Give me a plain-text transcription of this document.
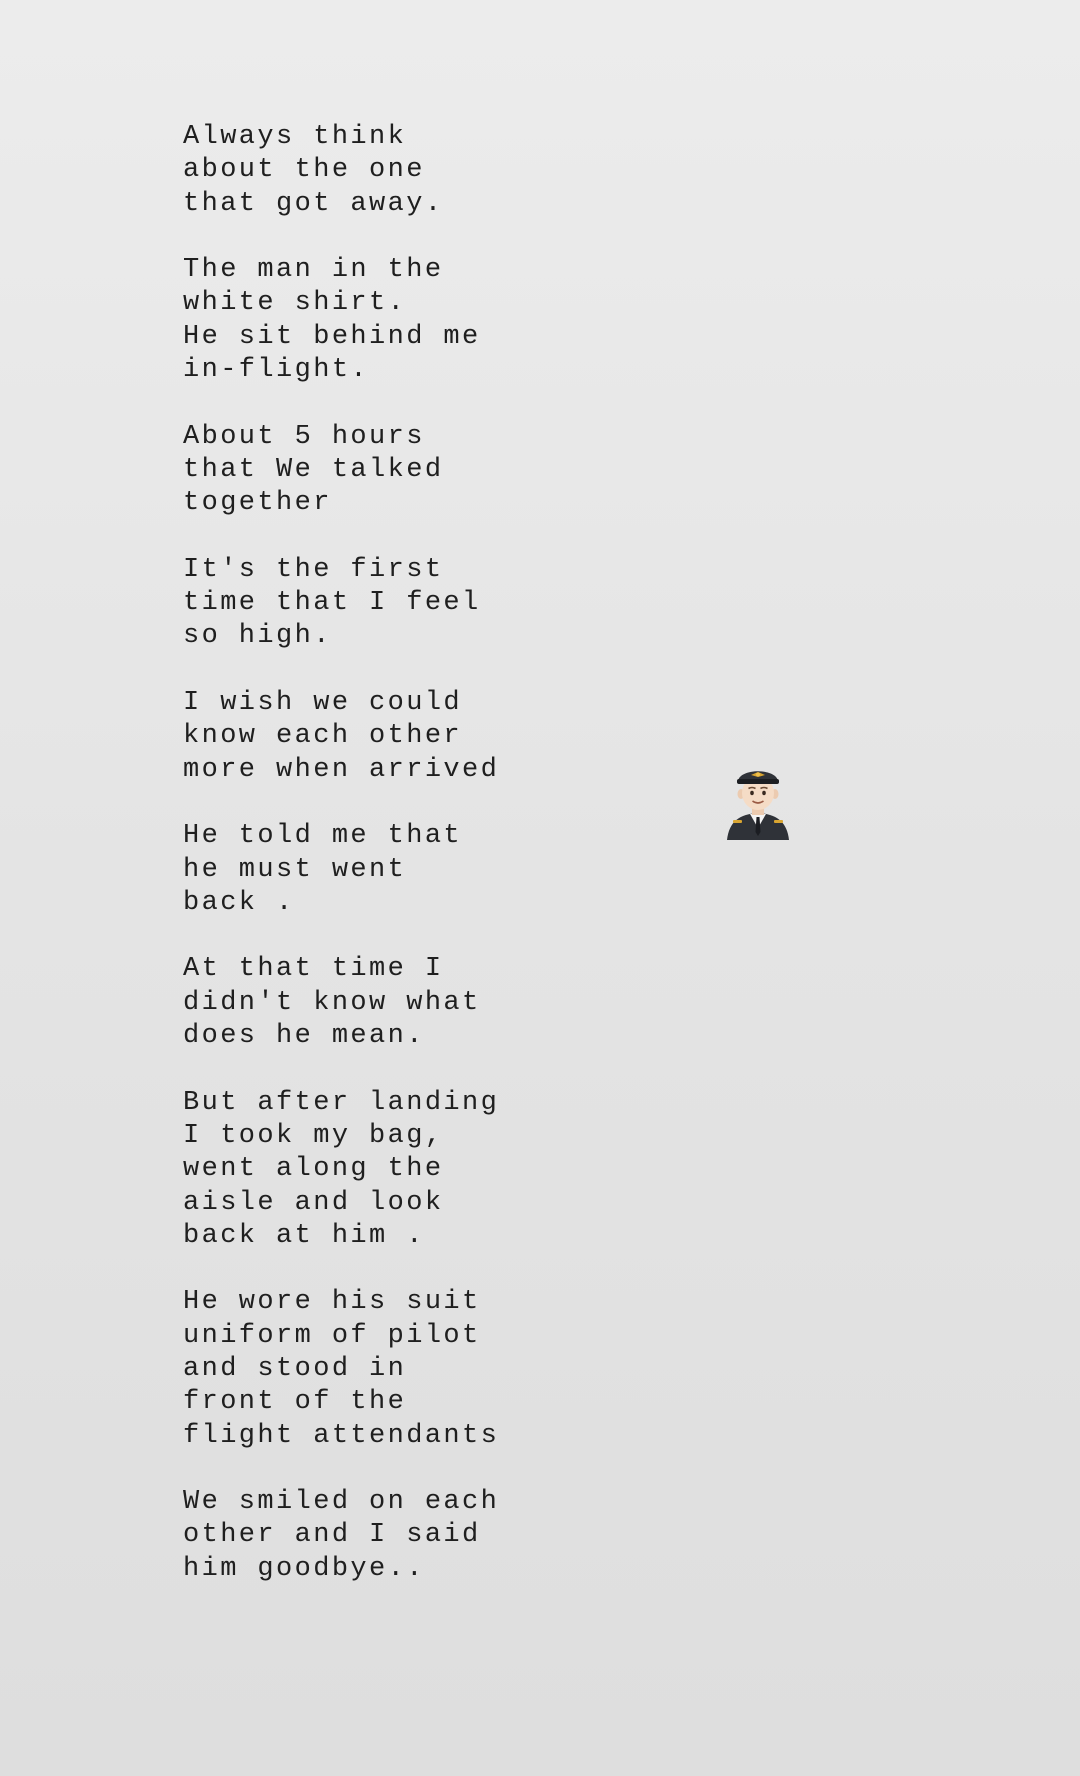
Always think
about the one
that got away.
The man in the
white shirt.
He sit behind me
in-flight.
About 5 hours
that We talked
together
It's the first
time that I feel
so high.
I wish we could
know each other
more when arrived
He told me that
he must went
back .
At that time I
didn't know what
does he mean.
But after landing
I took my bag,
went along the
aisle and look
back at him .
He wore his suit
uniform of pilot
and stood in
front of the
flight attendants
We smiled on each
other and I said
him goodbye..
